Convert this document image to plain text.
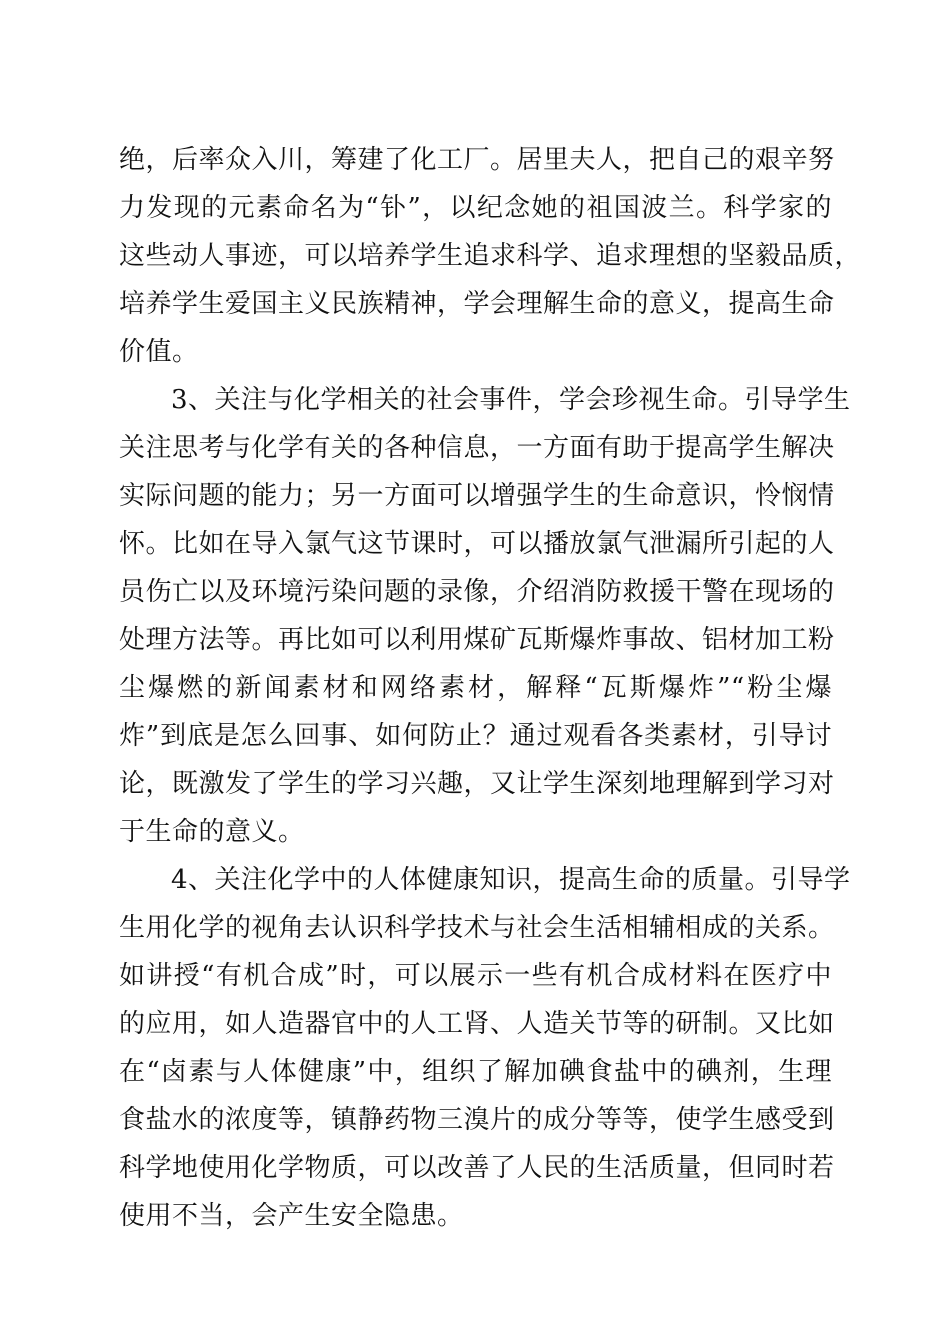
绝，后率众入川，筹建了化工厂。居里夫人，把自己的艰辛努
力发现的元素命名为“钋”，以纪念她的祖国波兰。科学家的
这些动人事迹，可以培养学生追求科学、追求理想的坚毅品质，
培养学生爱国主义民族精神，学会理解生命的意义，提高生命
价值。
3、关注与化学相关的社会事件，学会珍视生命。引导学生
关注思考与化学有关的各种信息，一方面有助于提高学生解决
实际问题的能力；另一方面可以增强学生的生命意识，怜悯情
怀。比如在导入氯气这节课时，可以播放氯气泄漏所引起的人
员伤亡以及环境污染问题的录像，介绍消防救援干警在现场的
处理方法等。再比如可以利用煤矿瓦斯爆炸事故、铝材加工粉
尘爆燃的新闻素材和网络素材，解释“瓦斯爆炸”“粉尘爆
炸”到底是怎么回事、如何防止？通过观看各类素材，引导讨
论，既激发了学生的学习兴趣，又让学生深刻地理解到学习对
于生命的意义。
4、关注化学中的人体健康知识，提高生命的质量。引导学
生用化学的视角去认识科学技术与社会生活相辅相成的关系。
如讲授“有机合成”时，可以展示一些有机合成材料在医疗中
的应用，如人造器官中的人工肾、人造关节等的研制。又比如
在“卤素与人体健康”中，组织了解加碘食盐中的碘剂，生理
食盐水的浓度等，镇静药物三溴片的成分等等，使学生感受到
科学地使用化学物质，可以改善了人民的生活质量，但同时若
使用不当，会产生安全隐患。
